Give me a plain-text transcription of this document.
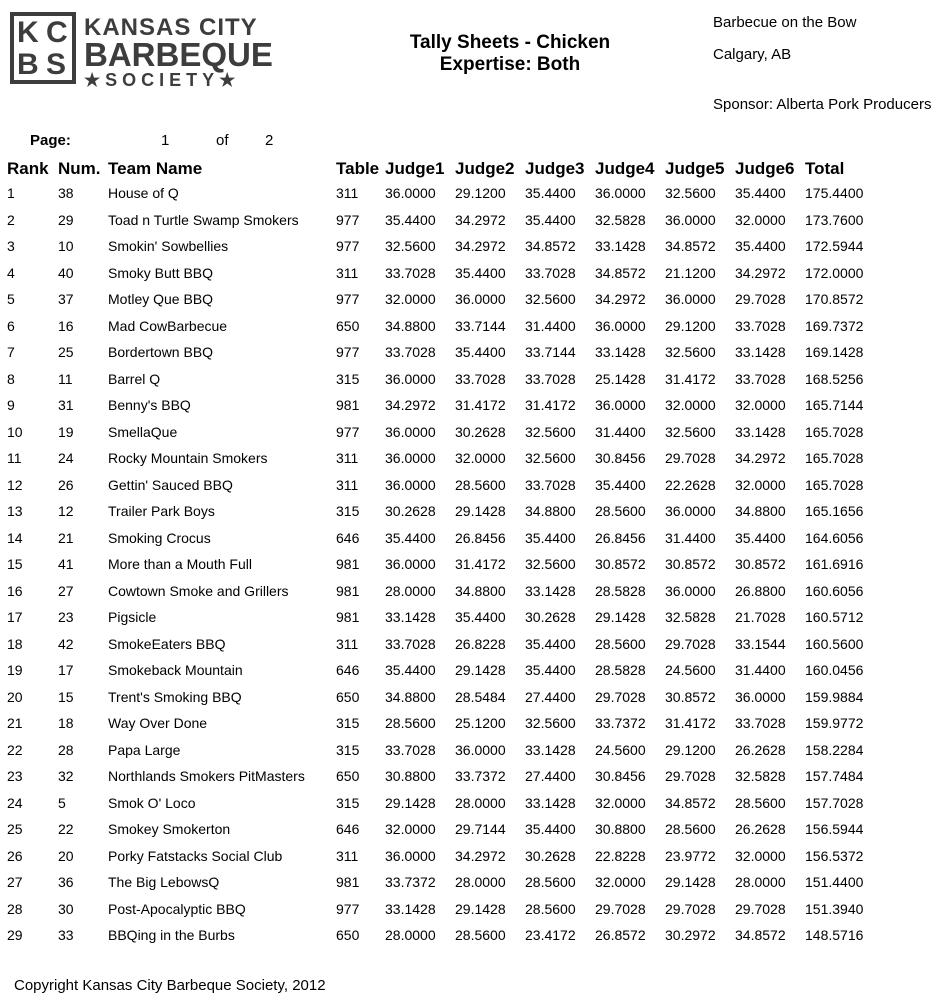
K C
B S
KANSAS CITY
BARBEQUE
★SOCIETY★
Tally Sheets - Chicken
Expertise: Both
Barbecue on the Bow
Calgary, AB
Sponsor: Alberta Pork Producers
Page:	1	of 2
Rank	Num.	Team Name	Table	Judge1	Judge2	Judge3	Judge4	Judge5	Judge6	Total
1	38	House of Q	311	36.0000	29.1200	35.4400	36.0000	32.5600	35.4400	175.4400
2	29	Toad n Turtle Swamp Smokers	977	35.4400	34.2972	35.4400	32.5828	36.0000	32.0000	173.7600
3	10	Smokin' Sowbellies	977	32.5600	34.2972	34.8572	33.1428	34.8572	35.4400	172.5944
4	40	Smoky Butt BBQ	311	33.7028	35.4400	33.7028	34.8572	21.1200	34.2972	172.0000
5	37	Motley Que BBQ	977	32.0000	36.0000	32.5600	34.2972	36.0000	29.7028	170.8572
6	16	Mad CowBarbecue	650	34.8800	33.7144	31.4400	36.0000	29.1200	33.7028	169.7372
7	25	Bordertown BBQ	977	33.7028	35.4400	33.7144	33.1428	32.5600	33.1428	169.1428
8	11	Barrel Q	315	36.0000	33.7028	33.7028	25.1428	31.4172	33.7028	168.5256
9	31	Benny's BBQ	981	34.2972	31.4172	31.4172	36.0000	32.0000	32.0000	165.7144
10	19	SmellaQue	977	36.0000	30.2628	32.5600	31.4400	32.5600	33.1428	165.7028
11	24	Rocky Mountain Smokers	311	36.0000	32.0000	32.5600	30.8456	29.7028	34.2972	165.7028
12	26	Gettin' Sauced BBQ	311	36.0000	28.5600	33.7028	35.4400	22.2628	32.0000	165.7028
13	12	Trailer Park Boys	315	30.2628	29.1428	34.8800	28.5600	36.0000	34.8800	165.1656
14	21	Smoking Crocus	646	35.4400	26.8456	35.4400	26.8456	31.4400	35.4400	164.6056
15	41	More than a Mouth Full	981	36.0000	31.4172	32.5600	30.8572	30.8572	30.8572	161.6916
16	27	Cowtown Smoke and Grillers	981	28.0000	34.8800	33.1428	28.5828	36.0000	26.8800	160.6056
17	23	Pigsicle	981	33.1428	35.4400	30.2628	29.1428	32.5828	21.7028	160.5712
18	42	SmokeEaters BBQ	311	33.7028	26.8228	35.4400	28.5600	29.7028	33.1544	160.5600
19	17	Smokeback Mountain	646	35.4400	29.1428	35.4400	28.5828	24.5600	31.4400	160.0456
20	15	Trent's Smoking BBQ	650	34.8800	28.5484	27.4400	29.7028	30.8572	36.0000	159.9884
21	18	Way Over Done	315	28.5600	25.1200	32.5600	33.7372	31.4172	33.7028	159.9772
22	28	Papa Large	315	33.7028	36.0000	33.1428	24.5600	29.1200	26.2628	158.2284
23	32	Northlands Smokers PitMasters	650	30.8800	33.7372	27.4400	30.8456	29.7028	32.5828	157.7484
24	5	Smok O' Loco	315	29.1428	28.0000	33.1428	32.0000	34.8572	28.5600	157.7028
25	22	Smokey Smokerton	646	32.0000	29.7144	35.4400	30.8800	28.5600	26.2628	156.5944
26	20	Porky Fatstacks Social Club	311	36.0000	34.2972	30.2628	22.8228	23.9772	32.0000	156.5372
27	36	The Big LebowsQ	981	33.7372	28.0000	28.5600	32.0000	29.1428	28.0000	151.4400
28	30	Post-Apocalyptic BBQ	977	33.1428	29.1428	28.5600	29.7028	29.7028	29.7028	151.3940
29	33	BBQing in the Burbs	650	28.0000	28.5600	23.4172	26.8572	30.2972	34.8572	148.5716
Copyright Kansas City Barbeque Society, 2012
